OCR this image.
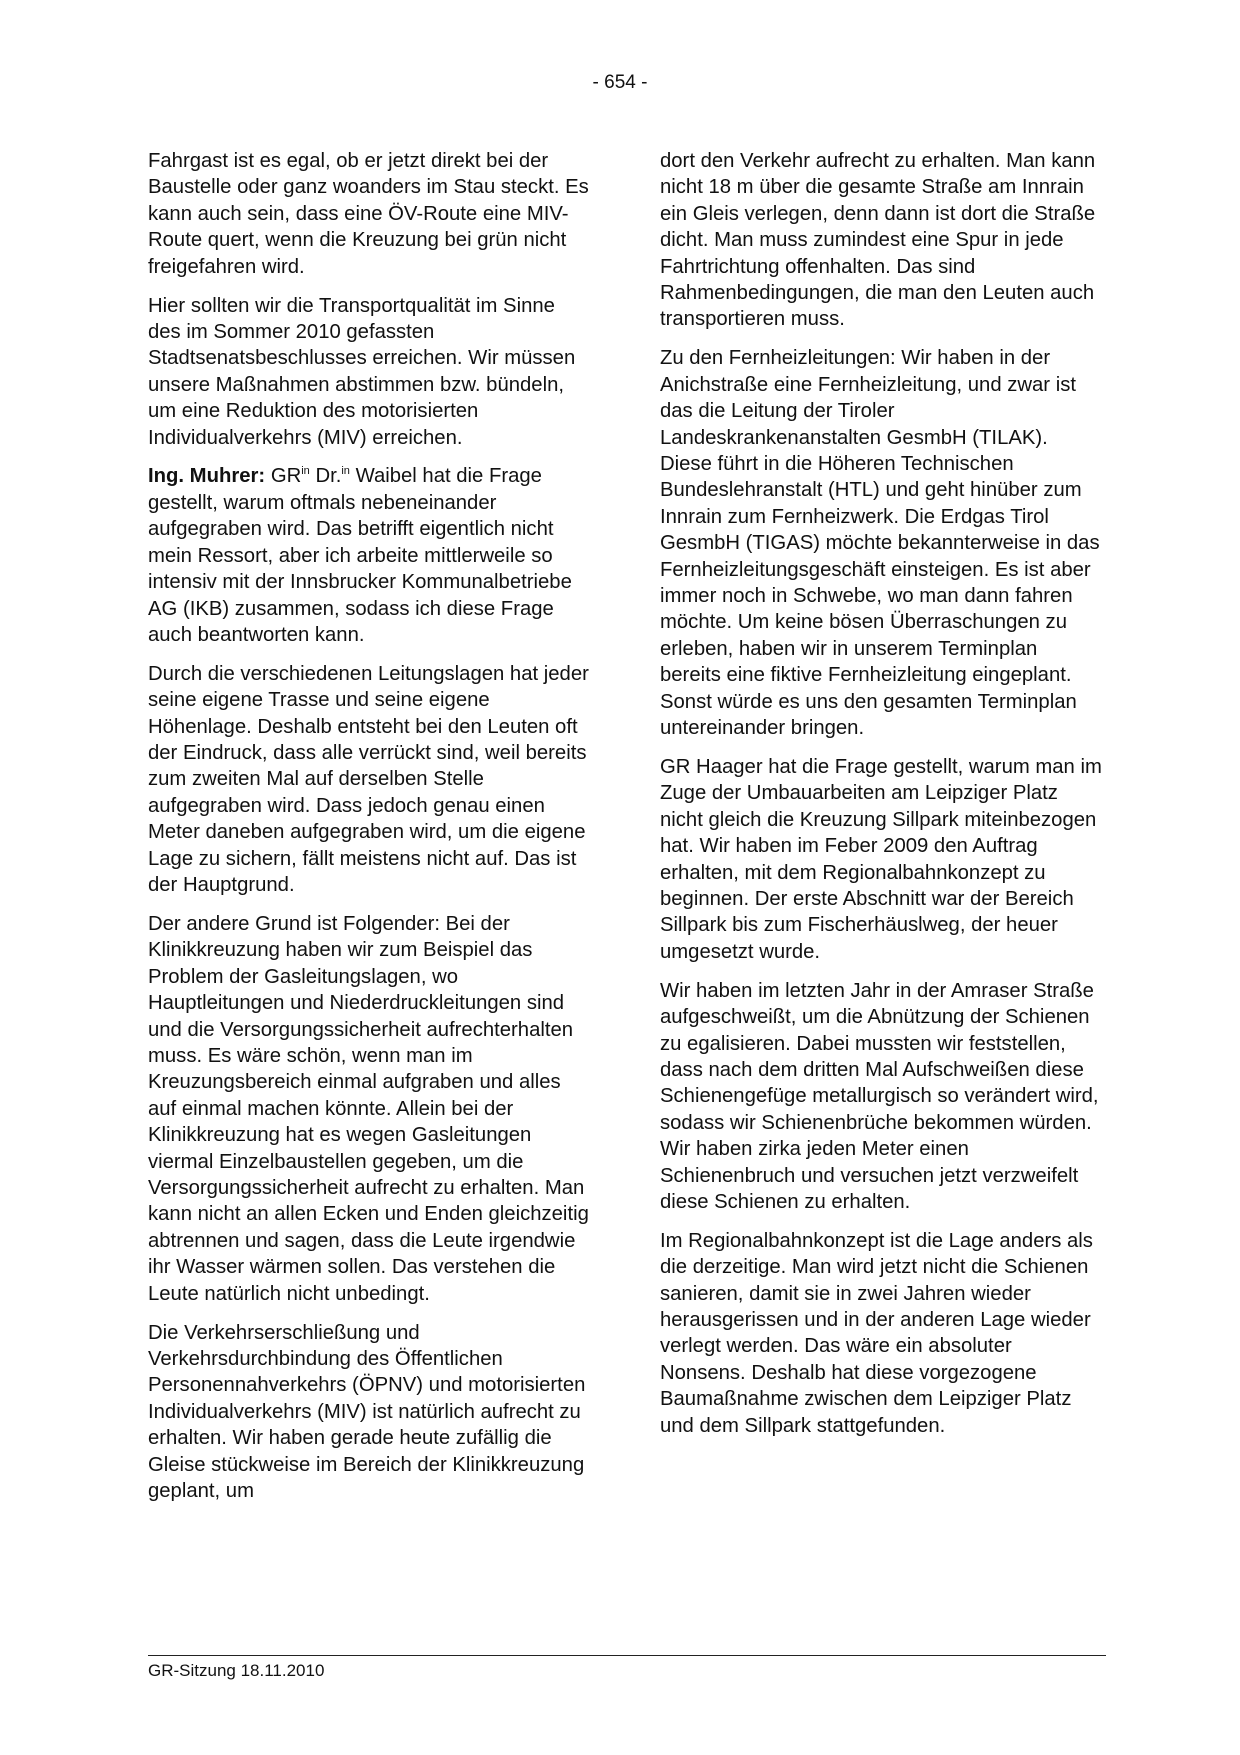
- 654 -

Fahrgast ist es egal, ob er jetzt direkt bei der Baustelle oder ganz woanders im Stau steckt. Es kann auch sein, dass eine ÖV-Route eine MIV-Route quert, wenn die Kreuzung bei grün nicht freigefahren wird.

Hier sollten wir die Transportqualität im Sinne des im Sommer 2010 gefassten Stadtsenatsbeschlusses erreichen. Wir müssen unsere Maßnahmen abstimmen bzw. bündeln, um eine Reduktion des motorisierten Individualverkehrs (MIV) erreichen.

Ing. Muhrer: $GR^{in}$ Dr.$^{in}$ Waibel hat die Frage gestellt, warum oftmals nebeneinander aufgegraben wird. Das betrifft eigentlich nicht mein Ressort, aber ich arbeite mittlerweile so intensiv mit der Innsbrucker Kommunalbetriebe AG (IKB) zusammen, sodass ich diese Frage auch beantworten kann.

Durch die verschiedenen Leitungslagen hat jeder seine eigene Trasse und seine eigene Höhenlage. Deshalb entsteht bei den Leuten oft der Eindruck, dass alle verrückt sind, weil bereits zum zweiten Mal auf derselben Stelle aufgegraben wird. Dass jedoch genau einen Meter daneben aufgegraben wird, um die eigene Lage zu sichern, fällt meistens nicht auf. Das ist der Hauptgrund.

Der andere Grund ist Folgender: Bei der Klinikkreuzung haben wir zum Beispiel das Problem der Gasleitungslagen, wo Hauptleitungen und Niederdruckleitungen sind und die Versorgungssicherheit aufrechterhalten muss. Es wäre schön, wenn man im Kreuzungsbereich einmal aufgraben und alles auf einmal machen könnte. Allein bei der Klinikkreuzung hat es wegen Gasleitungen viermal Einzelbaustellen gegeben, um die Versorgungssicherheit aufrecht zu erhalten. Man kann nicht an allen Ecken und Enden gleichzeitig abtrennen und sagen, dass die Leute irgendwie ihr Wasser wärmen sollen. Das verstehen die Leute natürlich nicht unbedingt.

Die Verkehrserschließung und Verkehrsdurchbindung des Öffentlichen Personennahverkehrs (ÖPNV) und motorisierten Individualverkehrs (MIV) ist natürlich aufrecht zu erhalten. Wir haben gerade heute zufällig die Gleise stückweise im Bereich der Klinikkreuzung geplant, um

dort den Verkehr aufrecht zu erhalten. Man kann nicht 18 m über die gesamte Straße am Innrain ein Gleis verlegen, denn dann ist dort die Straße dicht. Man muss zumindest eine Spur in jede Fahrtrichtung offenhalten. Das sind Rahmenbedingungen, die man den Leuten auch transportieren muss.

Zu den Fernheizleitungen: Wir haben in der Anichstraße eine Fernheizleitung, und zwar ist das die Leitung der Tiroler Landeskrankenanstalten GesmbH (TILAK). Diese führt in die Höheren Technischen Bundeslehranstalt (HTL) und geht hinüber zum Innrain zum Fernheizwerk. Die Erdgas Tirol GesmbH (TIGAS) möchte bekannterweise in das Fernheizleitungsgeschäft einsteigen. Es ist aber immer noch in Schwebe, wo man dann fahren möchte. Um keine bösen Überraschungen zu erleben, haben wir in unserem Terminplan bereits eine fiktive Fernheizleitung eingeplant. Sonst würde es uns den gesamten Terminplan untereinander bringen.

GR Haager hat die Frage gestellt, warum man im Zuge der Umbauarbeiten am Leipziger Platz nicht gleich die Kreuzung Sillpark miteinbezogen hat. Wir haben im Feber 2009 den Auftrag erhalten, mit dem Regionalbahnkonzept zu beginnen. Der erste Abschnitt war der Bereich Sillpark bis zum Fischerhäuslweg, der heuer umgesetzt wurde.

Wir haben im letzten Jahr in der Amraser Straße aufgeschweißt, um die Abnützung der Schienen zu egalisieren. Dabei mussten wir feststellen, dass nach dem dritten Mal Aufschweißen diese Schienengefüge metallurgisch so verändert wird, sodass wir Schienenbrüche bekommen würden. Wir haben zirka jeden Meter einen Schienenbruch und versuchen jetzt verzweifelt diese Schienen zu erhalten.

Im Regionalbahnkonzept ist die Lage anders als die derzeitige. Man wird jetzt nicht die Schienen sanieren, damit sie in zwei Jahren wieder herausgerissen und in der anderen Lage wieder verlegt werden. Das wäre ein absoluter Nonsens. Deshalb hat diese vorgezogene Baumaßnahme zwischen dem Leipziger Platz und dem Sillpark stattgefunden.

GR-Sitzung 18.11.2010
